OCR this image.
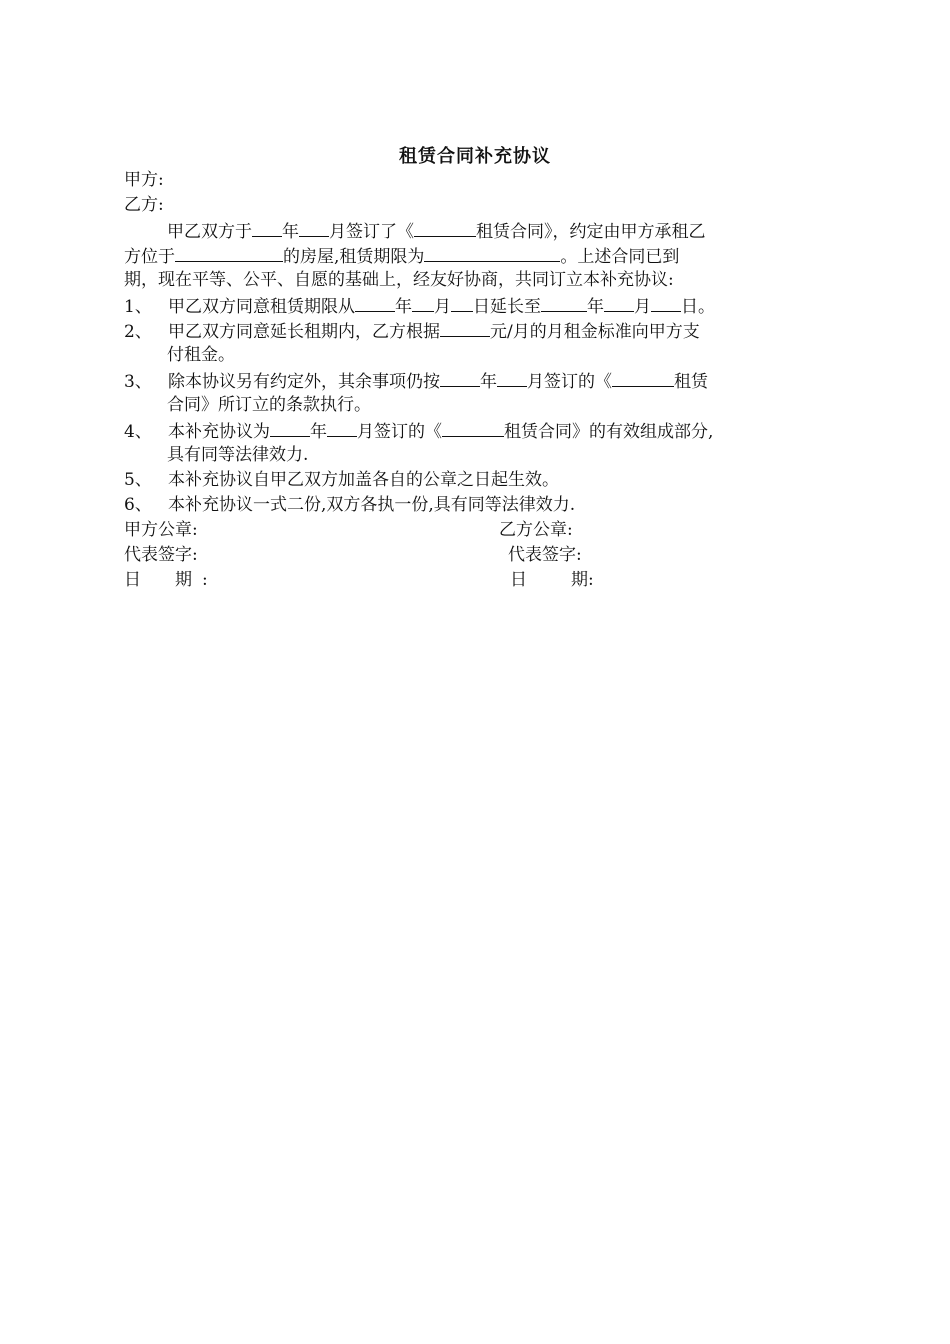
租赁合同补充协议
甲方:
乙方:
甲乙双方于 年 月签订了《	租赁合同》，约定由甲方承租乙
方位于	的房屋,租赁期限为	。上述合同已到
期，现在平等、公平、自愿的基础上，经友好协商，共同订立本补充协议:
1、 甲乙双方同意租赁期限从 年 月 日延长至	年 月 日。
2、 甲乙双方同意延长租期内，乙方根据	元/月的月租金标准向甲方支
付租金。
3、 除本协议另有约定外，其余事项仍按 年 月签订的《	租赁
合同》所订立的条款执行。
4、 本补充协议为 年 月签订的《	租赁合同》的有效组成部分,
具有同等法律效力.
5、 本补充协议自甲乙双方加盖各自的公章之日起生效。
6、 本补充协议一式二份,双方各执一份,具有同等法律效力.
甲方公章:	乙方公章:
代表签字:	代表签字:
日 期 :	日	期:
